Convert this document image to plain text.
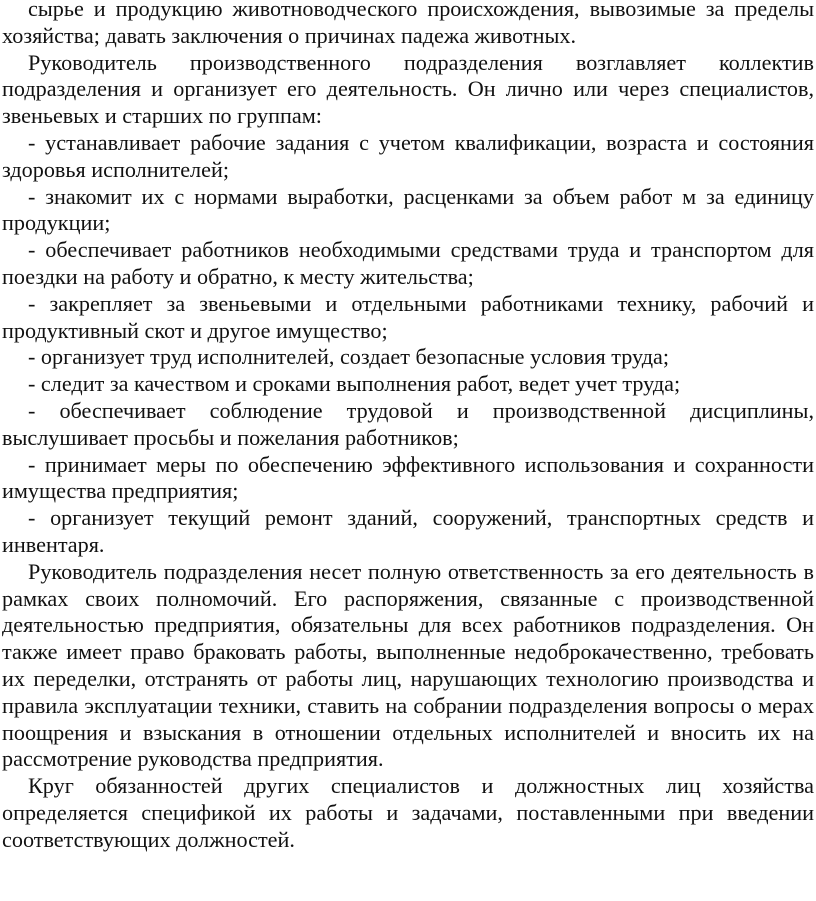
сырье и продукцию животноводческого происхождения, вывозимые за пределы хозяйства; давать заключения о причинах падежа животных.

Руководитель производственного подразделения возглавляет коллектив подразделения и организует его деятельность. Он лично или через специалистов, звеньевых и старших по группам:

- устанавливает рабочие задания с учетом квалификации, возраста и состояния здоровья исполнителей;

- знакомит их с нормами выработки, расценками за объем работ м за единицу продукции;

- обеспечивает работников необходимыми средствами труда и транспортом для поездки на работу и обратно, к месту жительства;

- закрепляет за звеньевыми и отдельными работниками технику, рабочий и продуктивный скот и другое имущество;

- организует труд исполнителей, создает безопасные условия труда;

- следит за качеством и сроками выполнения работ, ведет учет труда;

- обеспечивает соблюдение трудовой и производственной дисциплины, выслушивает просьбы и пожелания работников;

- принимает меры по обеспечению эффективного использования и сохранности имущества предприятия;

- организует текущий ремонт зданий, сооружений, транспортных средств и инвентаря.

Руководитель подразделения несет полную ответственность за его деятельность в рамках своих полномочий. Его распоряжения, связанные с производственной деятельностью предприятия, обязательны для всех работников подразделения. Он также имеет право браковать работы, выполненные недоброкачественно, требовать их переделки, отстранять от работы лиц, нарушающих технологию производства и правила эксплуатации техники, ставить на собрании подразделения вопросы о мерах поощрения и взыскания в отношении отдельных исполнителей и вносить их на рассмотрение руководства предприятия.

Круг обязанностей других специалистов и должностных лиц хозяйства определяется спецификой их работы и задачами, поставленными при введении соответствующих должностей.
